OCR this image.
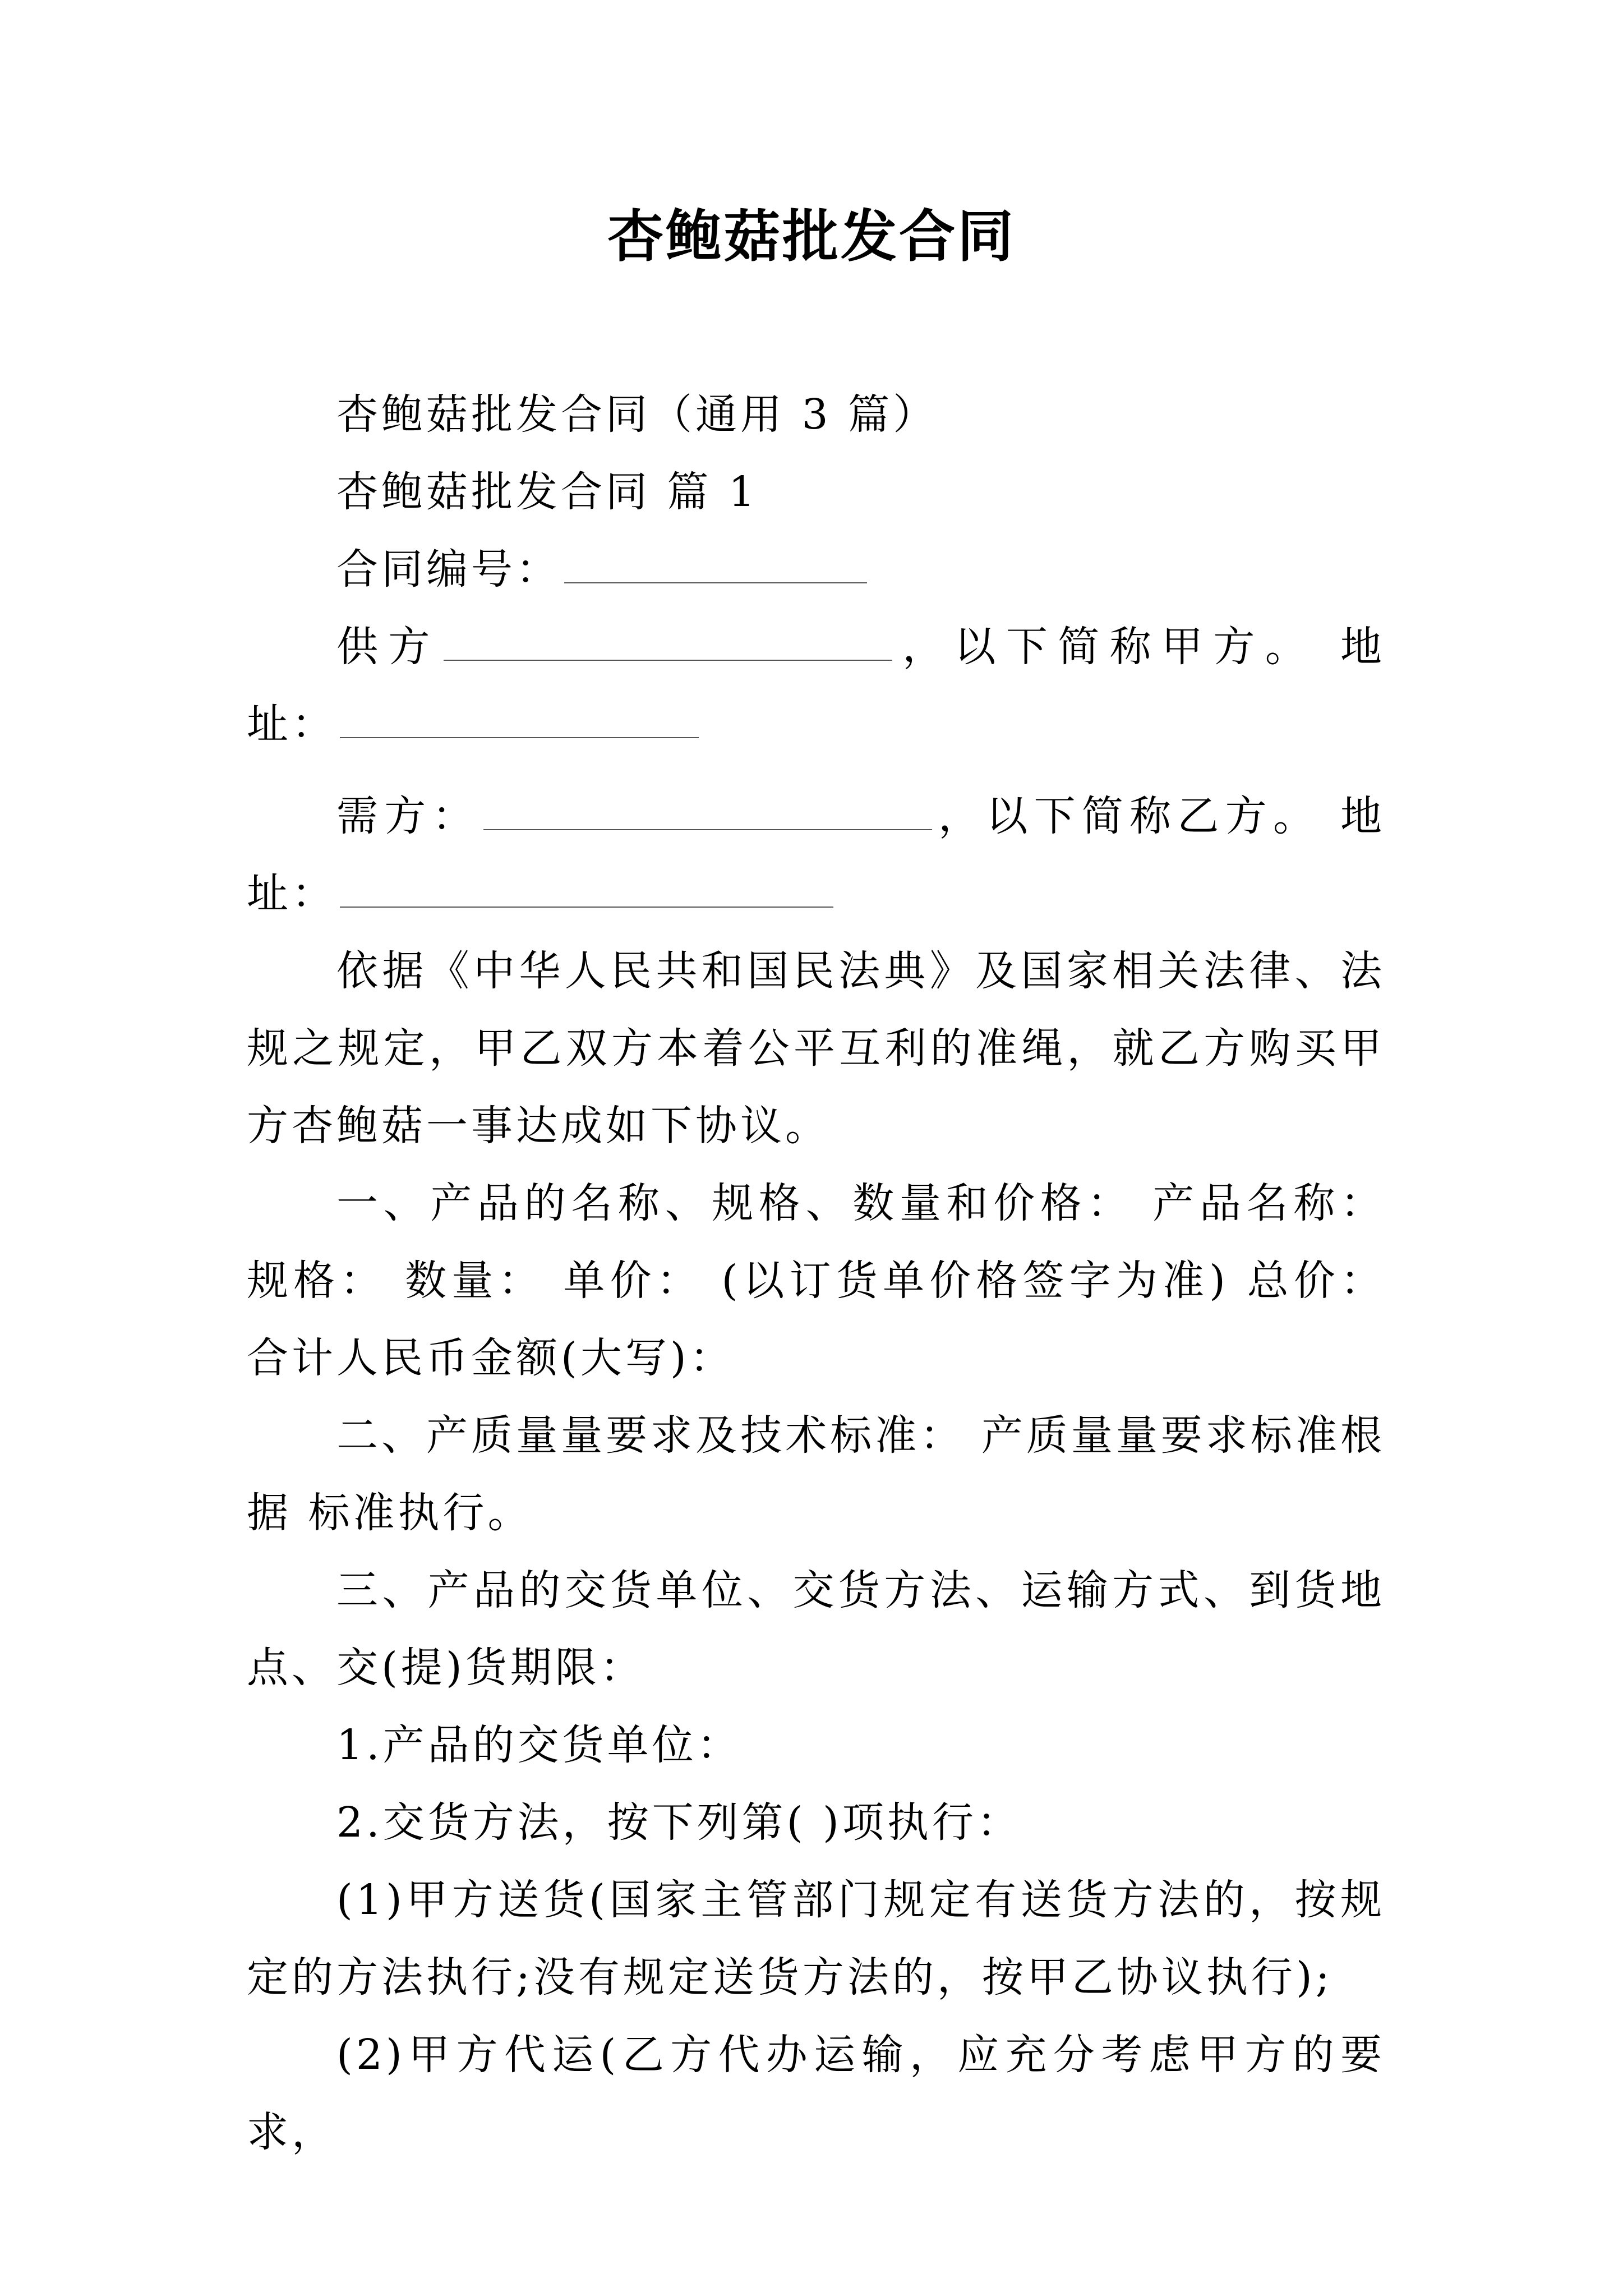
杏鲍菇批发合同

杏鲍菇批发合同（通用 3 篇）

杏鲍菇批发合同 篇 1

合同编号：

供方	，以下简称甲方。 地址：

需方：	，以下简称乙方。 地址：

依据《中华人民共和国民法典》及国家相关法律、法规之规定，甲乙双方本着公平互利的准绳，就乙方购买甲方杏鲍菇一事达成如下协议。

一、产品的名称、规格、数量和价格： 产品名称： 规格： 数量： 单价： (以订货单价格签字为准) 总价： 合计人民币金额(大写)：

二、产质量量要求及技术标准： 产质量量要求标准根据 标准执行。

三、产品的交货单位、交货方法、运输方式、到货地点、交(提)货期限：

1.产品的交货单位：

2.交货方法，按下列第( )项执行：

(1)甲方送货(国家主管部门规定有送货方法的，按规定的方法执行;没有规定送货方法的，按甲乙协议执行);

(2)甲方代运(乙方代办运输，应充分考虑甲方的要求，
